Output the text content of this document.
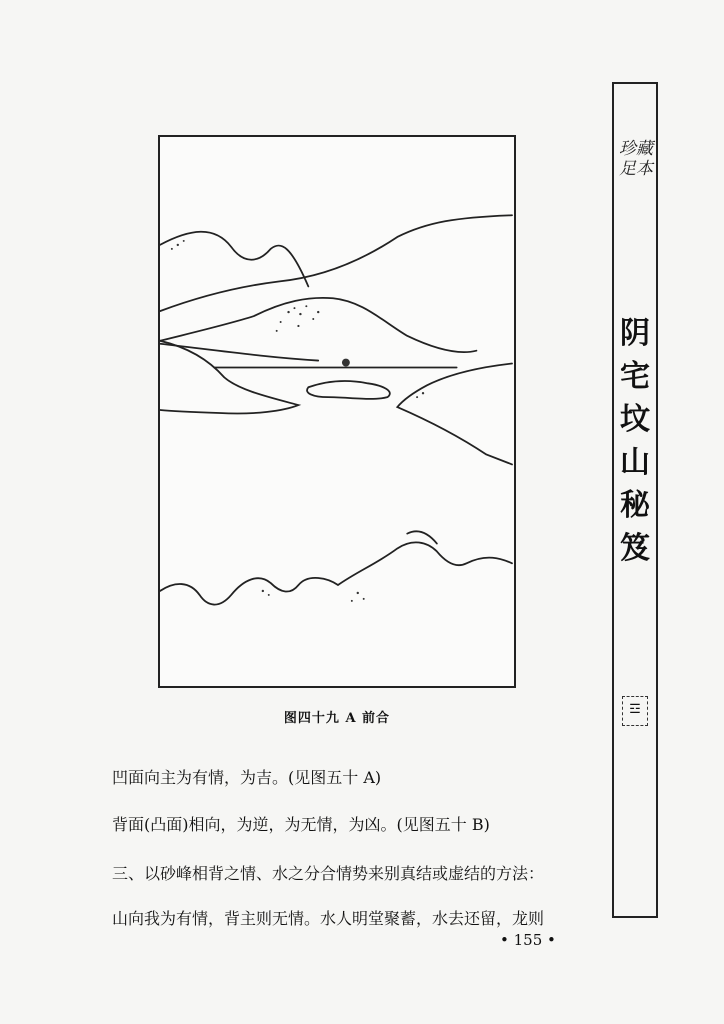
图四十九 A 前合
凹面向主为有情，为吉。(见图五十 A)
背面(凸面)相向，为逆，为无情，为凶。(见图五十 B)
三、以砂峰相背之情、水之分合情势来别真结或虚结的方法：
山向我为有情，背主则无情。水人明堂聚蓄，水去还留，龙则
• 155 •
珍藏
足本
阴
宅
坟
山
秘
笈
☲
